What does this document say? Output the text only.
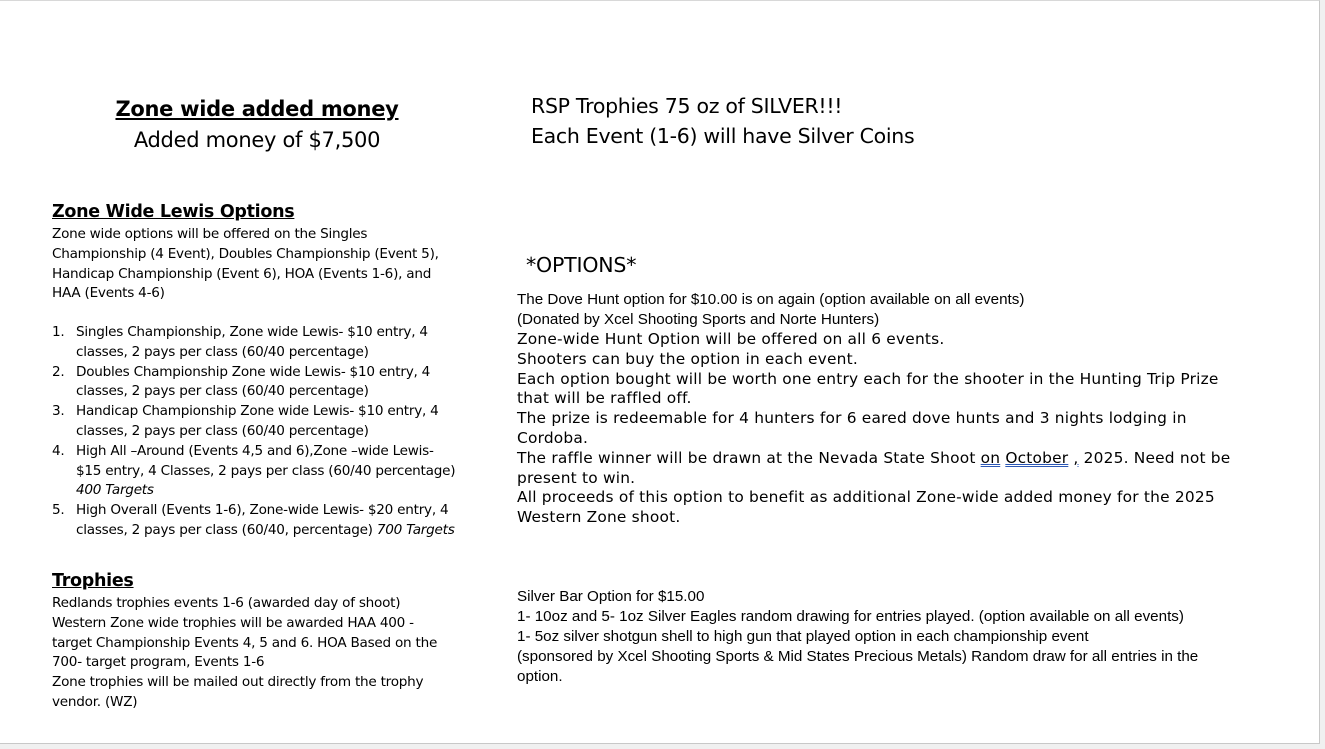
Zone wide added money
Added money of $7,500
Zone Wide Lewis Options
Zone wide options will be offered on the Singles
Championship (4 Event), Doubles Championship (Event 5),
Handicap Championship (Event 6), HOA (Events 1-6), and
HAA (Events 4-6)
1. Singles Championship, Zone wide Lewis- $10 entry, 4
classes, 2 pays per class (60/40 percentage)
2. Doubles Championship Zone wide Lewis- $10 entry, 4
classes, 2 pays per class (60/40 percentage)
3. Handicap Championship Zone wide Lewis- $10 entry, 4
classes, 2 pays per class (60/40 percentage)
4. High All –Around (Events 4,5 and 6),Zone –wide Lewis-
$15 entry, 4 Classes, 2 pays per class (60/40 percentage)
400 Targets
5. High Overall (Events 1-6), Zone-wide Lewis- $20 entry, 4
classes, 2 pays per class (60/40, percentage) 700 Targets
Trophies
Redlands trophies events 1-6 (awarded day of shoot)
Western Zone wide trophies will be awarded HAA 400 -
target Championship Events 4, 5 and 6. HOA Based on the
700- target program, Events 1-6
Zone trophies will be mailed out directly from the trophy
vendor. (WZ)
RSP Trophies 75 oz of SILVER!!!
Each Event (1-6) will have Silver Coins
*OPTIONS*
The Dove Hunt option for $10.00 is on again (option available on all events)
(Donated by Xcel Shooting Sports and Norte Hunters)
Zone-wide Hunt Option will be offered on all 6 events.
Shooters can buy the option in each event.
Each option bought will be worth one entry each for the shooter in the Hunting Trip Prize
that will be raffled off.
The prize is redeemable for 4 hunters for 6 eared dove hunts and 3 nights lodging in
Cordoba.
The raffle winner will be drawn at the Nevada State Shoot on October , 2025. Need not be
present to win.
All proceeds of this option to benefit as additional Zone-wide added money for the 2025
Western Zone shoot.
Silver Bar Option for $15.00
1- 10oz and 5- 1oz Silver Eagles random drawing for entries played. (option available on all events)
1- 5oz silver shotgun shell to high gun that played option in each championship event
(sponsored by Xcel Shooting Sports & Mid States Precious Metals) Random draw for all entries in the
option.
